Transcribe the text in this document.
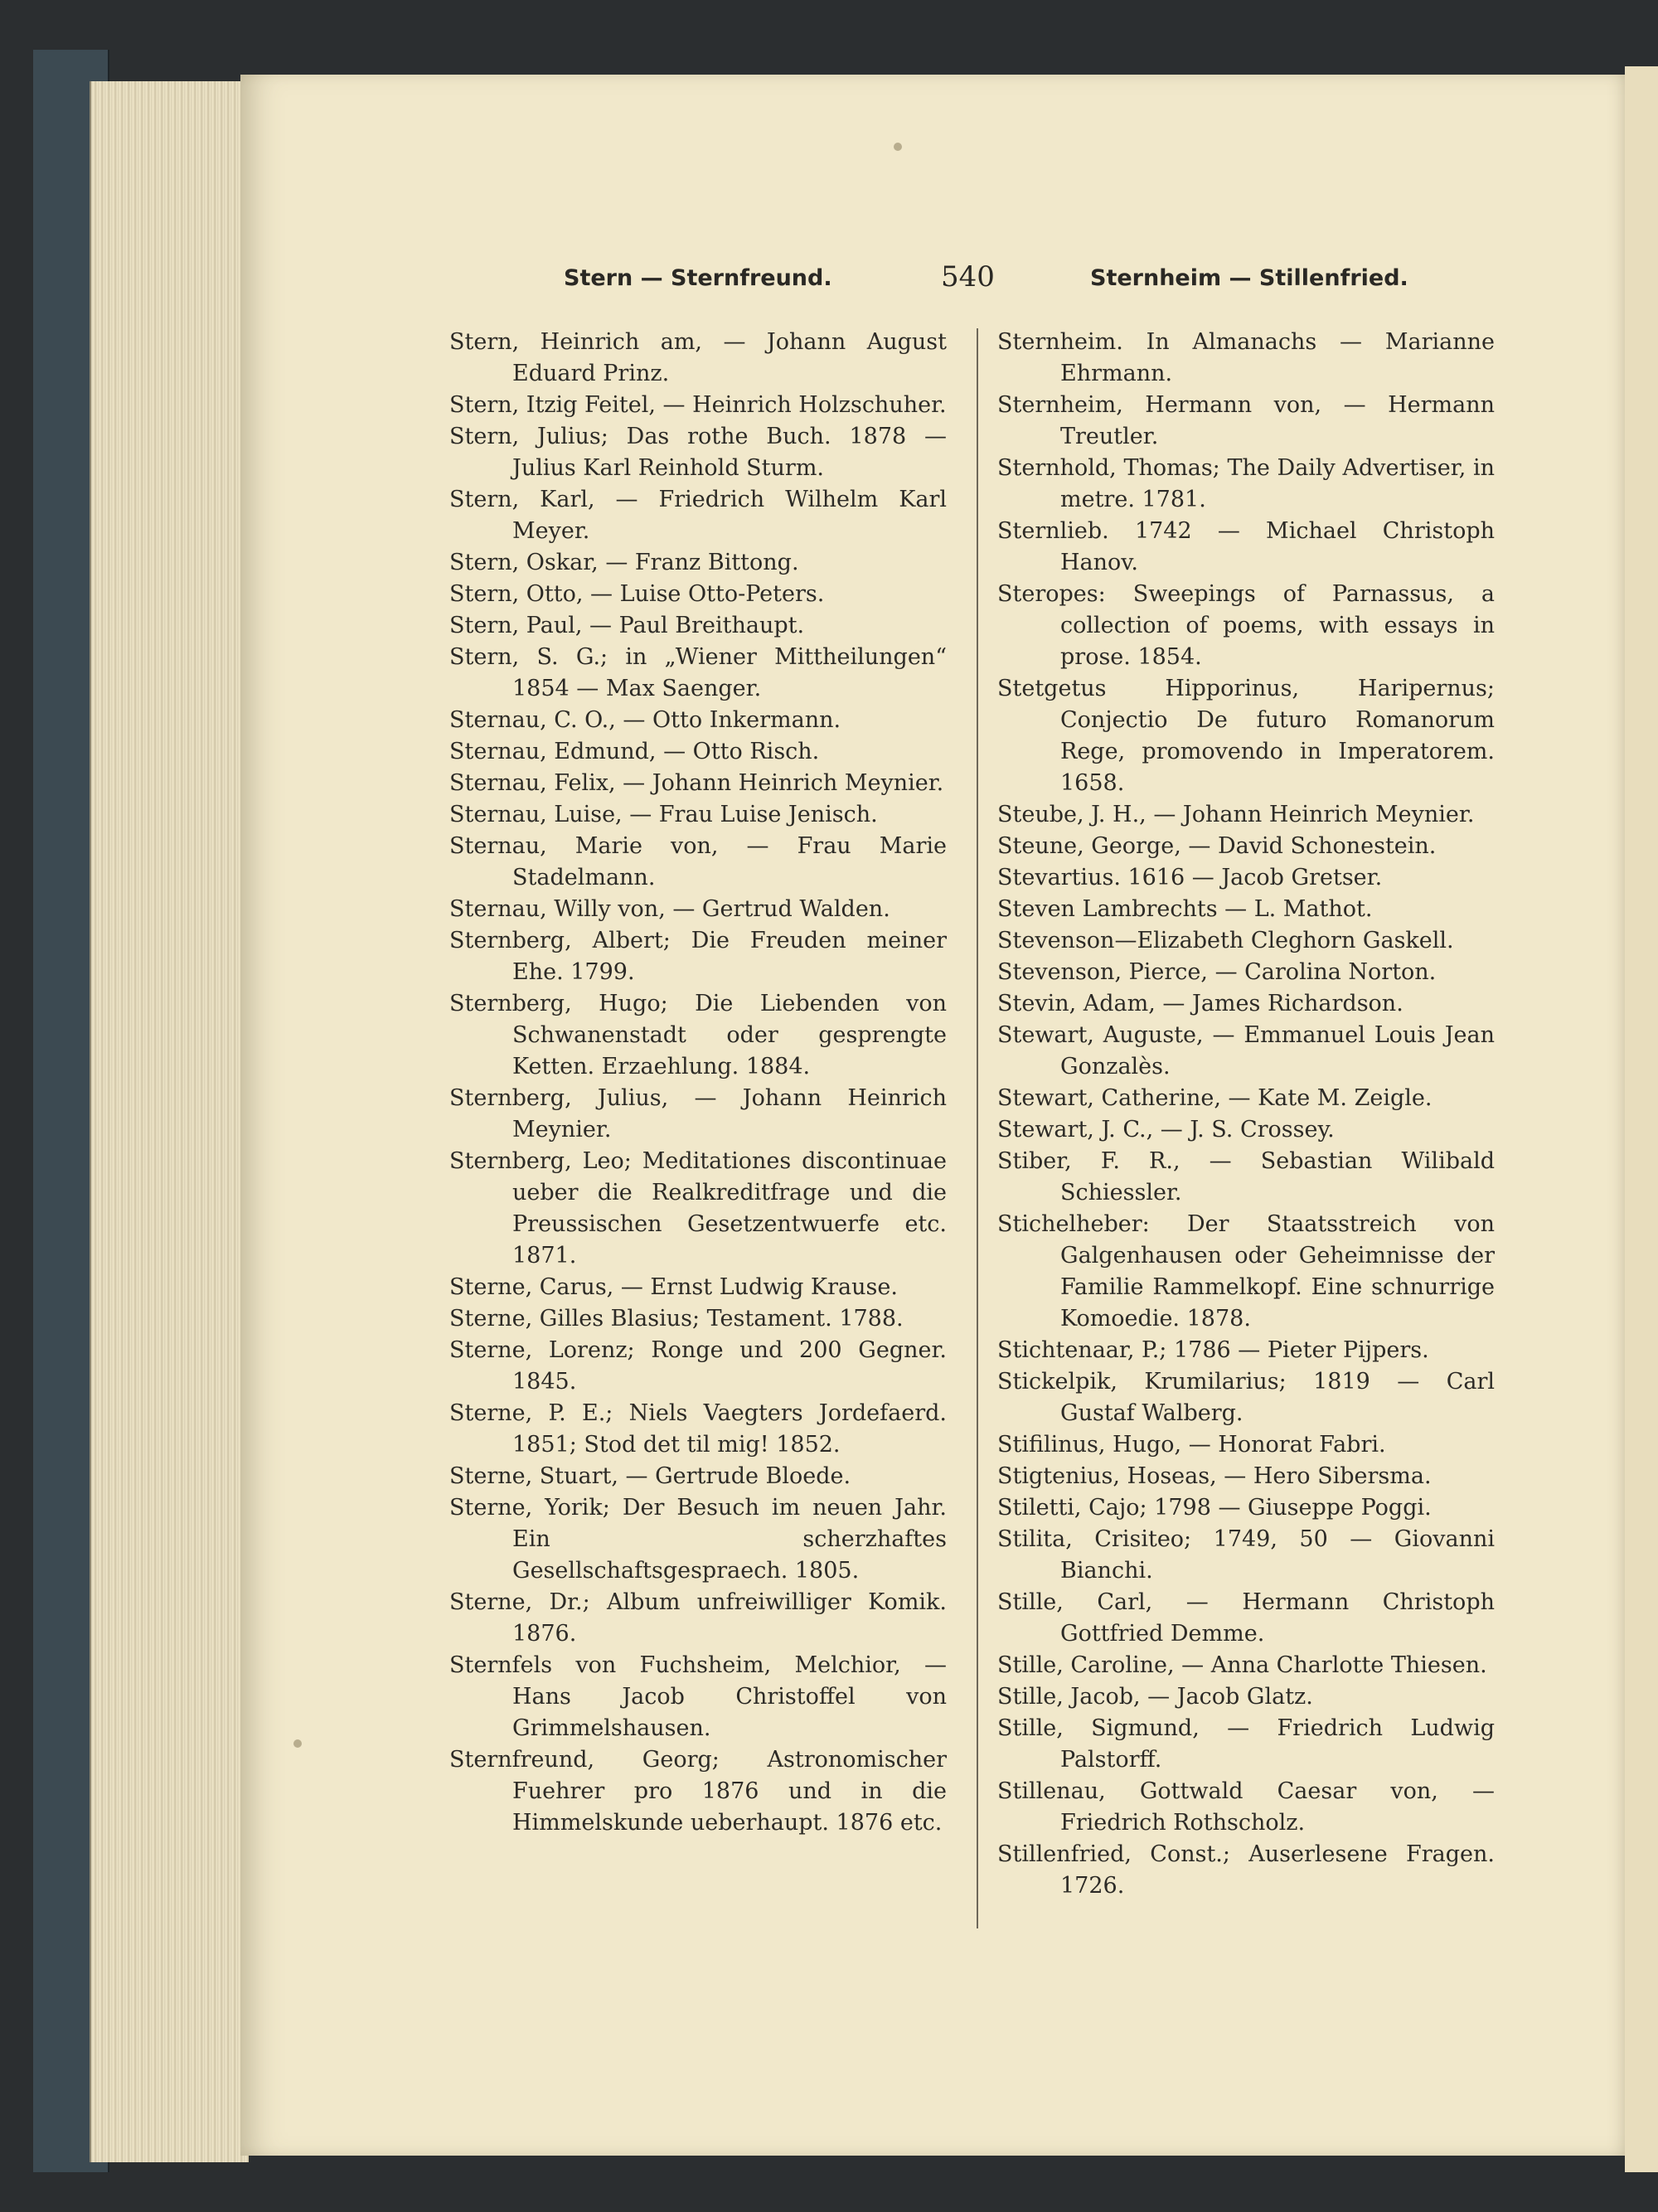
Stern — Sternfreund.	540	Sternheim — Stillenfried.

Stern, Heinrich am, — Johann August Eduard Prinz.

Stern, Itzig Feitel, — Heinrich Holzschuher.

Stern, Julius; Das rothe Buch. 1878 — Julius Karl Reinhold Sturm.

Stern, Karl, — Friedrich Wilhelm Karl Meyer.

Stern, Oskar, — Franz Bittong.

Stern, Otto, — Luise Otto-Peters.

Stern, Paul, — Paul Breithaupt.

Stern, S. G.; in „Wiener Mittheilungen“ 1854 — Max Saenger.

Sternau, C. O., — Otto Inkermann.

Sternau, Edmund, — Otto Risch.

Sternau, Felix, — Johann Heinrich Meynier.

Sternau, Luise, — Frau Luise Jenisch.

Sternau, Marie von, — Frau Marie Stadelmann.

Sternau, Willy von, — Gertrud Walden.

Sternberg, Albert; Die Freuden meiner Ehe. 1799.

Sternberg, Hugo; Die Liebenden von Schwanenstadt oder gesprengte Ketten. Erzaehlung. 1884.

Sternberg, Julius, — Johann Heinrich Meynier.

Sternberg, Leo; Meditationes discontinuae ueber die Realkreditfrage und die Preussischen Gesetzentwuerfe etc. 1871.

Sterne, Carus, — Ernst Ludwig Krause.

Sterne, Gilles Blasius; Testament. 1788.

Sterne, Lorenz; Ronge und 200 Gegner. 1845.

Sterne, P. E.; Niels Vaegters Jordefaerd. 1851; Stod det til mig! 1852.

Sterne, Stuart, — Gertrude Bloede.

Sterne, Yorik; Der Besuch im neuen Jahr. Ein scherzhaftes Gesellschaftsgespraech. 1805.

Sterne, Dr.; Album unfreiwilliger Komik. 1876.

Sternfels von Fuchsheim, Melchior, — Hans Jacob Christoffel von Grimmelshausen.

Sternfreund, Georg; Astronomischer Fuehrer pro 1876 und in die Himmelskunde ueberhaupt. 1876 etc.

Sternheim. In Almanachs — Marianne Ehrmann.

Sternheim, Hermann von, — Hermann Treutler.

Sternhold, Thomas; The Daily Advertiser, in metre. 1781.

Sternlieb. 1742 — Michael Christoph Hanov.

Steropes: Sweepings of Parnassus, a collection of poems, with essays in prose. 1854.

Stetgetus Hipporinus, Haripernus; Conjectio De futuro Romanorum Rege, promovendo in Imperatorem. 1658.

Steube, J. H., — Johann Heinrich Meynier.

Steune, George, — David Schonestein.

Stevartius. 1616 — Jacob Gretser.

Steven Lambrechts — L. Mathot.

Stevenson—Elizabeth Cleghorn Gaskell.

Stevenson, Pierce, — Carolina Norton.

Stevin, Adam, — James Richardson.

Stewart, Auguste, — Emmanuel Louis Jean Gonzalès.

Stewart, Catherine, — Kate M. Zeigle.

Stewart, J. C., — J. S. Crossey.

Stiber, F. R., — Sebastian Wilibald Schiessler.

Stichelheber: Der Staatsstreich von Galgenhausen oder Geheimnisse der Familie Rammelkopf. Eine schnurrige Komoedie. 1878.

Stichtenaar, P.; 1786 — Pieter Pijpers.

Stickelpik, Krumilarius; 1819 — Carl Gustaf Walberg.

Stifilinus, Hugo, — Honorat Fabri.

Stigtenius, Hoseas, — Hero Sibersma.

Stiletti, Cajo; 1798 — Giuseppe Poggi.

Stilita, Crisiteo; 1749, 50 — Giovanni Bianchi.

Stille, Carl, — Hermann Christoph Gottfried Demme.

Stille, Caroline, — Anna Charlotte Thiesen.

Stille, Jacob, — Jacob Glatz.

Stille, Sigmund, — Friedrich Ludwig Palstorff.

Stillenau, Gottwald Caesar von, — Friedrich Rothscholz.

Stillenfried, Const.; Auserlesene Fragen. 1726.
